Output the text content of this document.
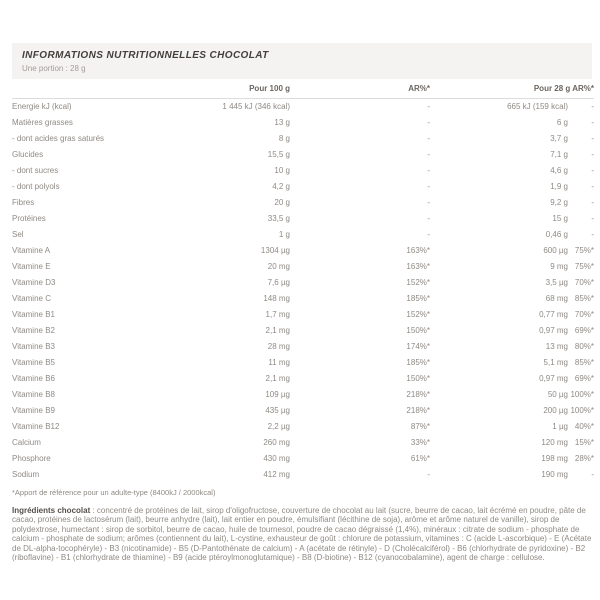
INFORMATIONS NUTRITIONNELLES CHOCOLAT
Une portion : 28 g
	Pour 100 g	AR%*	Pour 28 g AR%*	
Energie kJ (kcal)	1 445 kJ (346 kcal)	-	665 kJ (159 kcal)	-
Matières grasses	13 g	-	6 g	-
- dont acides gras saturés	8 g	-	3,7 g	-
Glucides	15,5 g	-	7,1 g	-
- dont sucres	10 g	-	4,6 g	-
- dont polyols	4,2 g	-	1,9 g	-
Fibres	20 g	-	9,2 g	-
Protéines	33,5 g	-	15 g	-
Sel	1 g	-	0,46 g	-
Vitamine A	1304 µg	163%*	600 µg	75%*
Vitamine E	20 mg	163%*	9 mg	75%*
Vitamine D3	7,6 µg	152%*	3,5 µg	70%*
Vitamine C	148 mg	185%*	68 mg	85%*
Vitamine B1	1,7 mg	152%*	0,77 mg	70%*
Vitamine B2	2,1 mg	150%*	0,97 mg	69%*
Vitamine B3	28 mg	174%*	13 mg	80%*
Vitamine B5	11 mg	185%*	5,1 mg	85%*
Vitamine B6	2,1 mg	150%*	0,97 mg	69%*
Vitamine B8	109 µg	218%*	50 µg	100%*
Vitamine B9	435 µg	218%*	200 µg	100%*
Vitamine B12	2,2 µg	87%*	1 µg	40%*
Calcium	260 mg	33%*	120 mg	15%*
Phosphore	430 mg	61%*	198 mg	28%*
Sodium	412 mg	-	190 mg	-
*Apport de référence pour un adulte-type (8400kJ / 2000kcal)

Ingrédients chocolat : concentré de protéines de lait, sirop d'oligofructose, couverture de chocolat au lait (sucre, beurre de cacao, lait écrémé en poudre, pâte de cacao, protéines de lactosérum (lait), beurre anhydre (lait), lait entier en poudre, émulsifiant (lécithine de soja), arôme et arôme naturel de vanille), sirop de polydextrose, humectant : sirop de sorbitol, beurre de cacao, huile de tournesol, poudre de cacao dégraissé (1,4%), minéraux : citrate de sodium - phosphate de calcium - phosphate de sodium; arômes (contiennent du lait), L-cystine, exhausteur de goût : chlorure de potassium, vitamines : C (acide L-ascorbique) - E (Acétate de DL-alpha-tocophéryle) - B3 (nicotinamide) - B5 (D-Pantothénate de calcium) - A (acétate de rétinyle) - D (Cholécalciférol) - B6 (chlorhydrate de pyridoxine) - B2 (riboflavine) - B1 (chlorhydrate de thiamine) - B9 (acide ptéroylmonoglutamique) - B8 (D-biotine) - B12 (cyanocobalamine), agent de charge : cellulose.
